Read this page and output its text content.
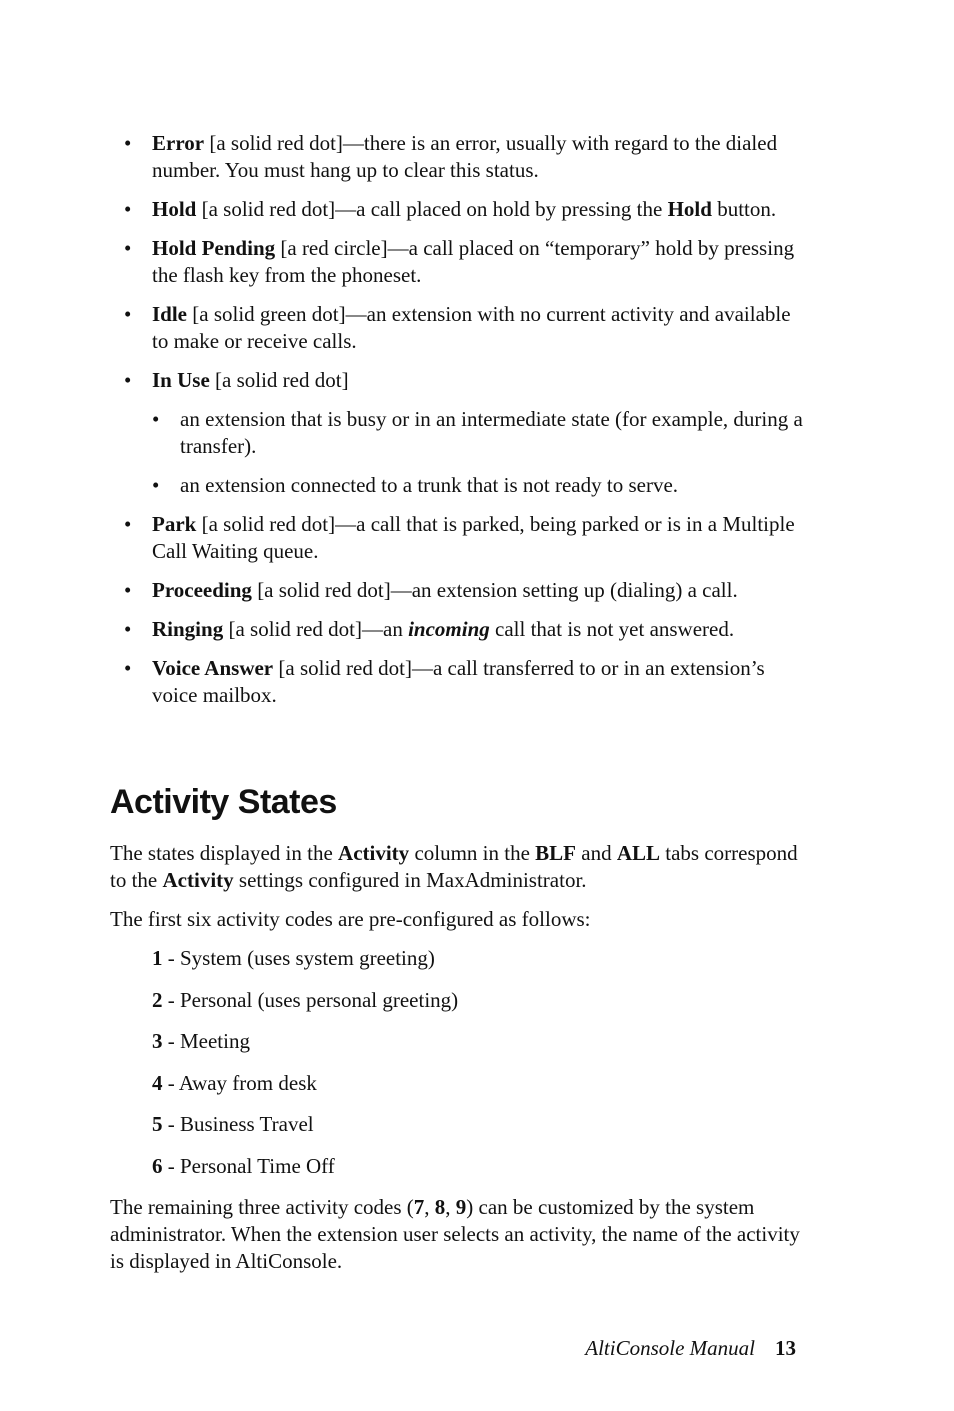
• Error [a solid red dot]—there is an error, usually with regard to the dialed number. You must hang up to clear this status.
• Hold [a solid red dot]—a call placed on hold by pressing the Hold button.
• Hold Pending [a red circle]—a call placed on “temporary” hold by pressing the flash key from the phoneset.
• Idle [a solid green dot]—an extension with no current activity and available to make or receive calls.
• In Use [a solid red dot]
• an extension that is busy or in an intermediate state (for example, during a transfer).
• an extension connected to a trunk that is not ready to serve.
• Park [a solid red dot]—a call that is parked, being parked or is in a Multiple Call Waiting queue.
• Proceeding [a solid red dot]—an extension setting up (dialing) a call.
• Ringing [a solid red dot]—an incoming call that is not yet answered.
• Voice Answer [a solid red dot]—a call transferred to or in an extension’s voice mailbox.
Activity States

The states displayed in the Activity column in the BLF and ALL tabs correspond to the Activity settings configured in MaxAdministrator.

The first six activity codes are pre-configured as follows:

1 - System (uses system greeting)
2 - Personal (uses personal greeting)
3 - Meeting
4 - Away from desk
5 - Business Travel
6 - Personal Time Off

The remaining three activity codes (7, 8, 9) can be customized by the system administrator. When the extension user selects an activity, the name of the activity is displayed in AltiConsole.

AltiConsole Manual 13
